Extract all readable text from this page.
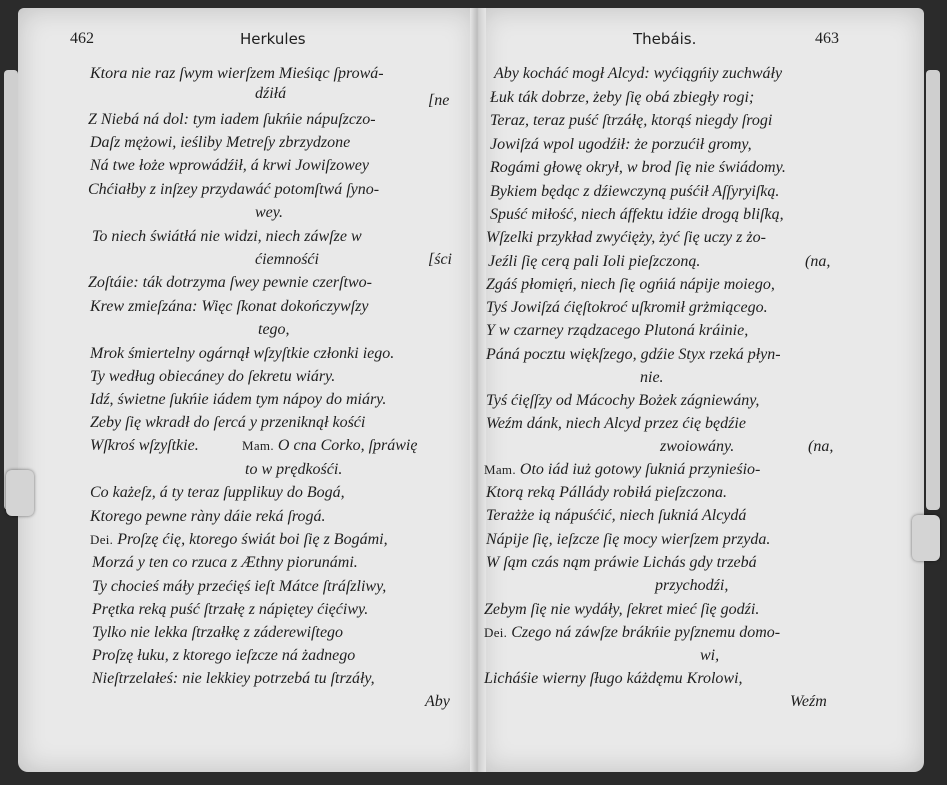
462	Herkules	Thebáis.	463
Ktora nie raz ſwym wierſzem Mieśiąc ſprowá-
dźiłá	[ne
Z Niebá ná dol: tym iadem ſukńie nápuſzczo-
Daſz mężowi, ieśliby Metreſy zbrzydzone
Ná twe łoże wprowádźił, á krwi Jowiſzowey
Chćiałby z inſzey przydawáć potomſtwá ſyno-
wey.
To niech świátłá nie widzi, niech záwſze w
ćiemnośći	[ści
Zoſtáie: ták dotrzyma ſwey pewnie czerſtwo-
Krew zmieſzána: Więc ſkonat dokończywſzy
tego,
Mrok śmiertelny ogárnął wſzyſtkie członki iego.
Ty według obiecáney do ſekretu wiáry.
Idź, świetne ſukńie iádem tym nápoy do miáry.
Zeby ſię wkradł do ſercá y przeniknął kośći
Wſkroś wſzyſtkie.	Mam. O cna Corko, ſpráwię
to w prędkośći.
Co każeſz, á ty teraz ſupplikuy do Bogá,
Ktorego pewne ràny dáie reká ſrogá.
Dei. Proſzę ćię, ktorego świát boi ſię z Bogámi,
Morzá y ten co rzuca z Æthny piorunámi.
Ty chocieś máły przećięś ieſt Mátce ſtráſzliwy,
Prętka reką puść ſtrzałę z nápiętey ćięćiwy.
Tylko nie lekka ſtrzałkę z záderewiſtego
Proſzę łuku, z ktorego ieſzcze ná żadnego
Nieſtrzelałeś: nie lekkiey potrzebá tu ſtrzáły,
Aby
Aby kocháć mogł Alcyd: wyćiągńiy zuchwáły
Łuk ták dobrze, żeby ſię obá zbiegły rogi;
Teraz, teraz puść ſtrzáłę, ktorąś niegdy ſrogi
Jowiſzá wpol ugodźił: że porzućił gromy,
Rogámi głowę okrył, w brod ſię nie świádomy.
Bykiem będąc z dźiewczyną puśćił Aſſyryiſką.
Spuść miłość, niech áffektu idźie drogą bliſką,
Wſzelki przykład zwyćięży, żyć ſię uczy z żo-
Jeźli ſię cerą pali Ioli pieſzczoną.	(na,
Zgáś płomięń, niech ſię ogńiá nápije moiego,
Tyś Jowiſzá ćięſtokroć uſkromił grżmiącego.
Y w czarney rządzacego Plutoná kráinie,
Páná pocztu więkſzego, gdźie Styx rzeká płyn-
nie.
Tyś ćięſſzy od Mácochy Bożek zágniewány,
Weźm dánk, niech Alcyd przez ćię będźie
zwoiowány.	(na,
Mam. Oto iád iuż gotowy ſukniá przynieśio-
Ktorą reką Pállády robiłá pieſzczona.
Terażże ią nápuśćić, niech ſukniá Alcydá
Nápije ſię, ieſzcze ſię mocy wierſzem przyda.
W ſąm czás nąm práwie Lichás gdy trzebá
przychodźi,
Zebym ſię nie wydáły, ſekret mieć ſię godźi.
Dei. Czego ná záwſze brákńie pyſznemu domo-
wi,
Licháśie wierny ſługo káżdęmu Krolowi,
Weźm
